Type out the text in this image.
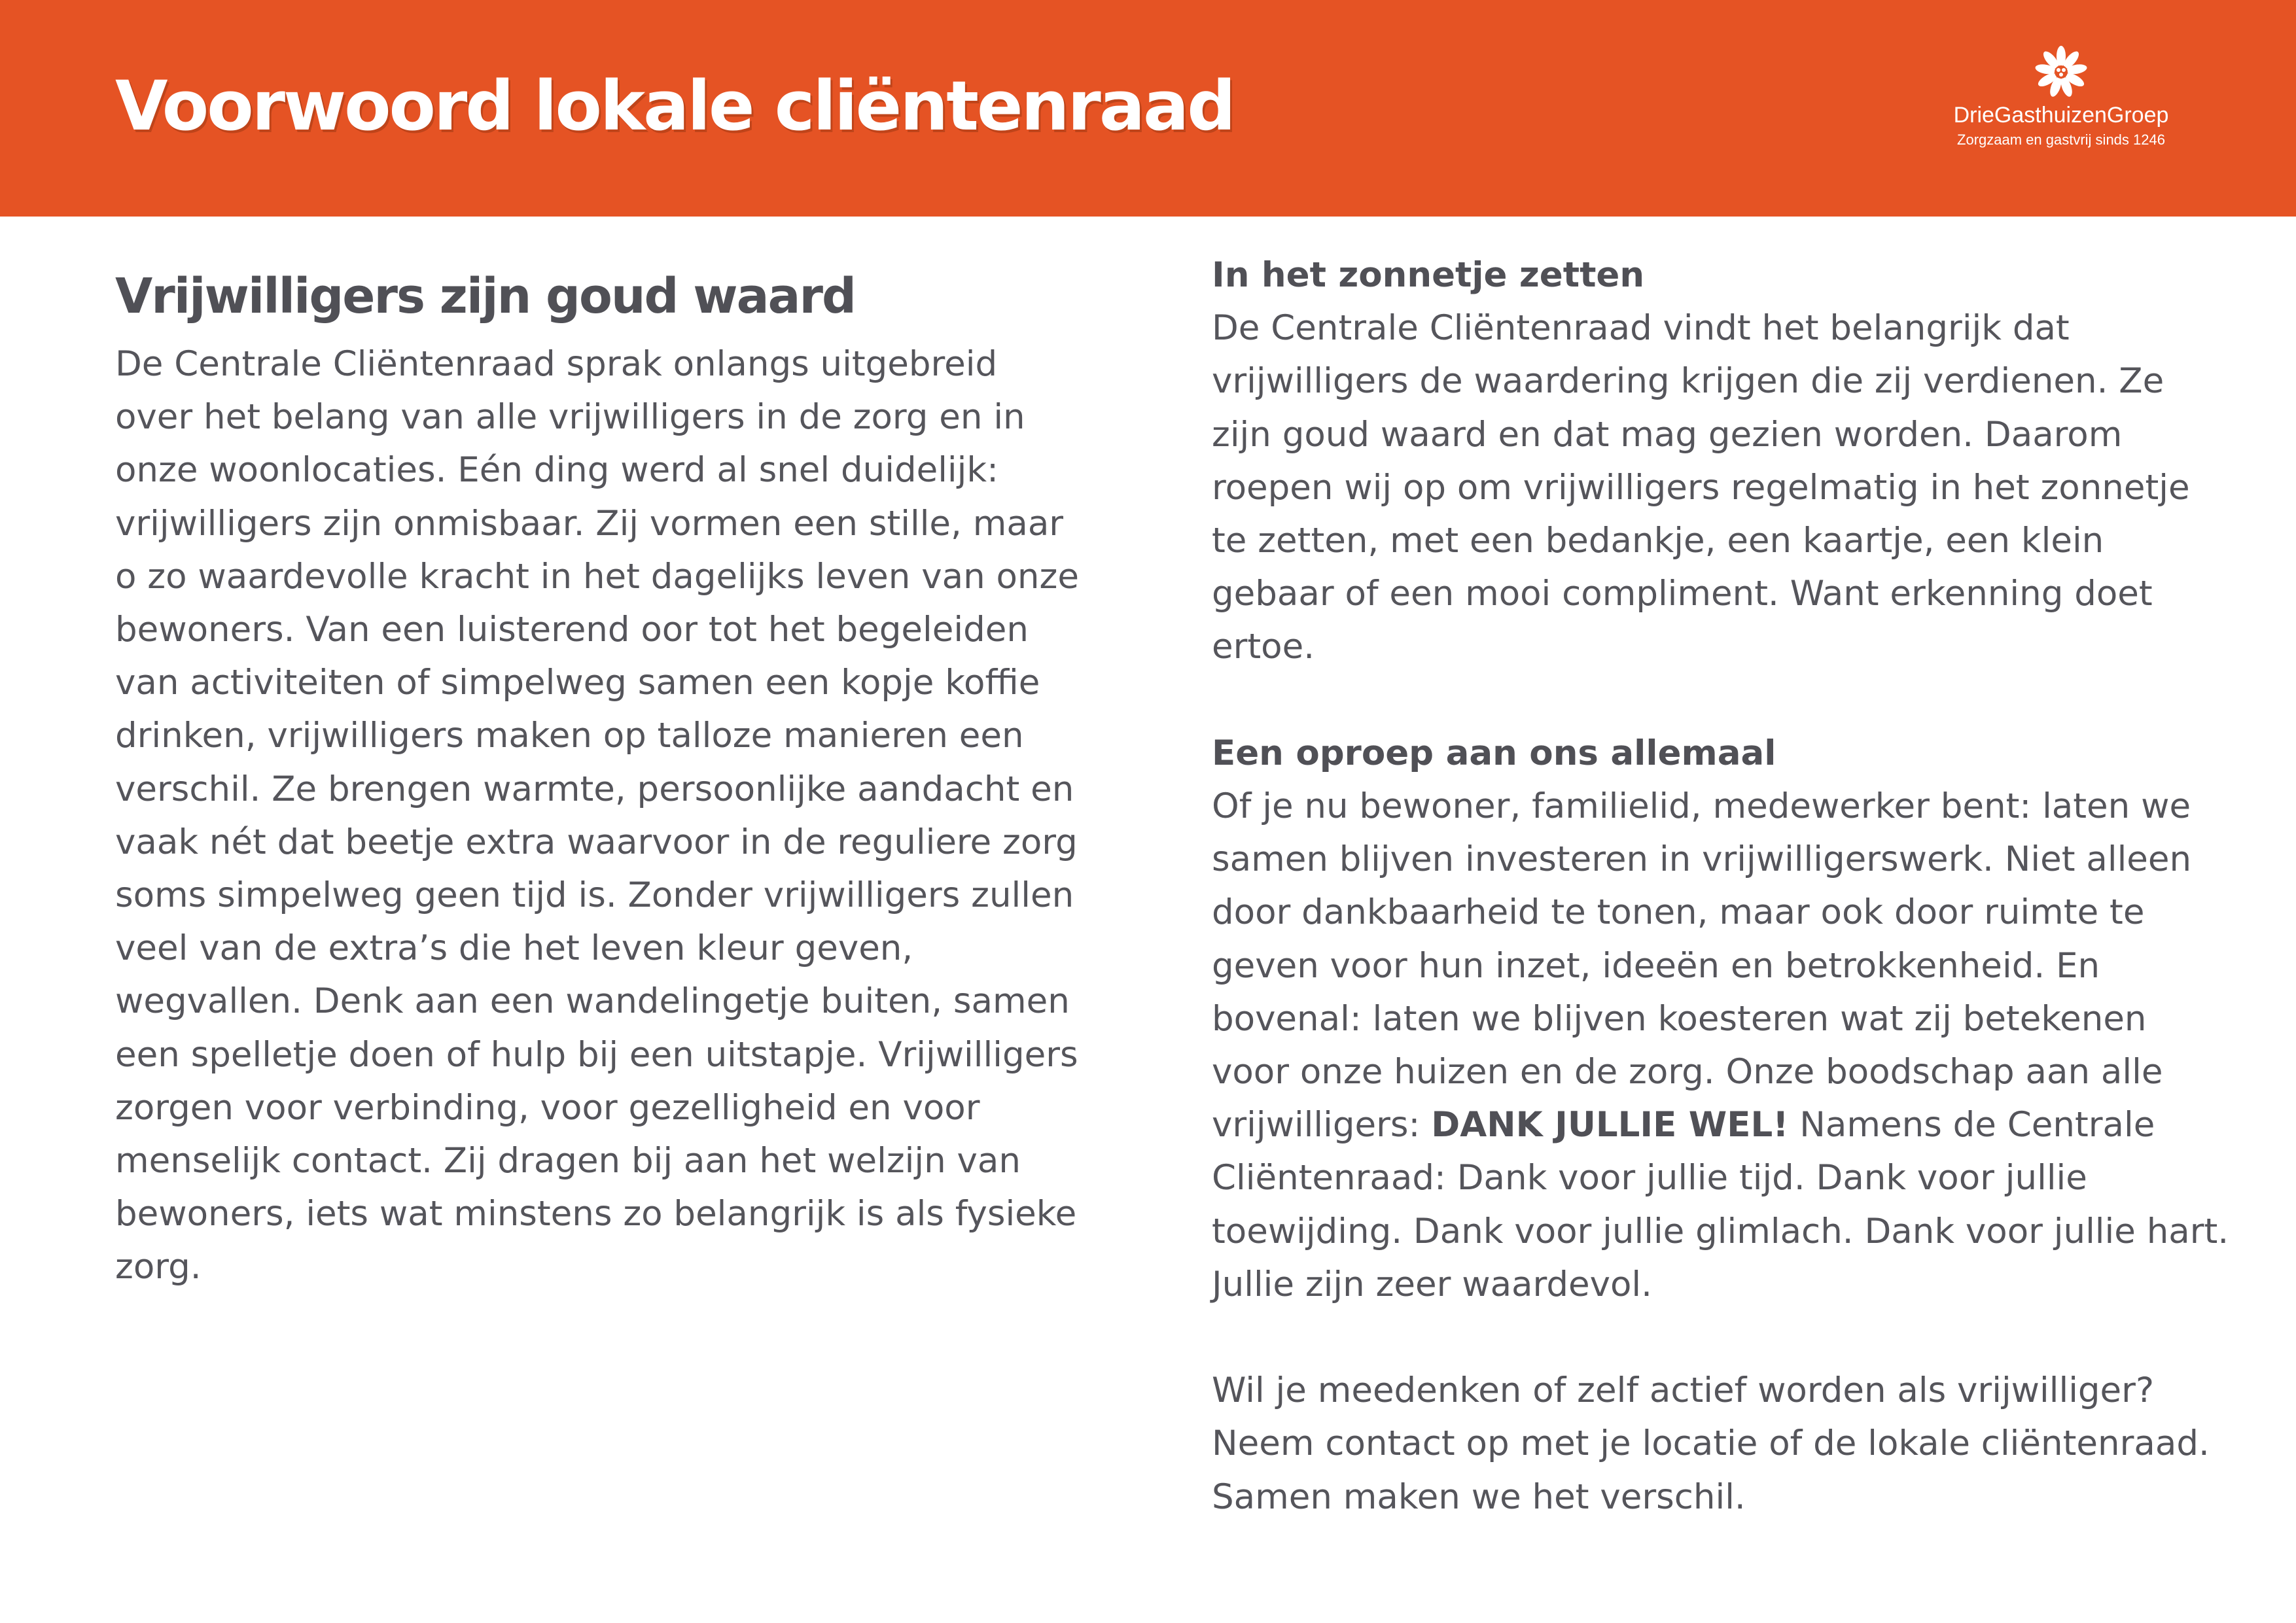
Voorwoord lokale cliëntenraad	DrieGasthuizenGroep
Zorgzaam en gastvrij sinds 1246
Vrijwilligers zijn goud waard

De Centrale Cliëntenraad sprak onlangs uitgebreid over het belang van alle vrijwilligers in de zorg en in onze woonlocaties. Eén ding werd al snel duidelijk: vrijwilligers zijn onmisbaar. Zij vormen een stille, maar o zo waardevolle kracht in het dagelijks leven van onze bewoners. Van een luisterend oor tot het begeleiden van activiteiten of simpelweg samen een kopje koffie drinken, vrijwilligers maken op talloze manieren een verschil. Ze brengen warmte, persoonlijke aandacht en vaak nét dat beetje extra waarvoor in de reguliere zorg soms simpelweg geen tijd is. Zonder vrijwilligers zullen veel van de extra’s die het leven kleur geven, wegvallen. Denk aan een wandelingetje buiten, samen een spelletje doen of hulp bij een uitstapje. Vrijwilligers zorgen voor verbinding, voor gezelligheid en voor menselijk contact. Zij dragen bij aan het welzijn van bewoners, iets wat minstens zo belangrijk is als fysieke zorg.

In het zonnetje zetten

De Centrale Cliëntenraad vindt het belangrijk dat vrijwilligers de waardering krijgen die zij verdienen. Ze zijn goud waard en dat mag gezien worden. Daarom roepen wij op om vrijwilligers regelmatig in het zonnetje te zetten, met een bedankje, een kaartje, een klein gebaar of een mooi compliment. Want erkenning doet ertoe.

Een oproep aan ons allemaal

Of je nu bewoner, familielid, medewerker bent: laten we samen blijven investeren in vrijwilligerswerk. Niet alleen door dankbaarheid te tonen, maar ook door ruimte te geven voor hun inzet, ideeën en betrokkenheid. En bovenal: laten we blijven koesteren wat zij betekenen voor onze huizen en de zorg. Onze boodschap aan alle vrijwilligers: DANK JULLIE WEL! Namens de Centrale Cliëntenraad: Dank voor jullie tijd. Dank voor jullie toewijding. Dank voor jullie glimlach. Dank voor jullie hart. Jullie zijn zeer waardevol.

Wil je meedenken of zelf actief worden als vrijwilliger? Neem contact op met je locatie of de lokale cliëntenraad. Samen maken we het verschil.
